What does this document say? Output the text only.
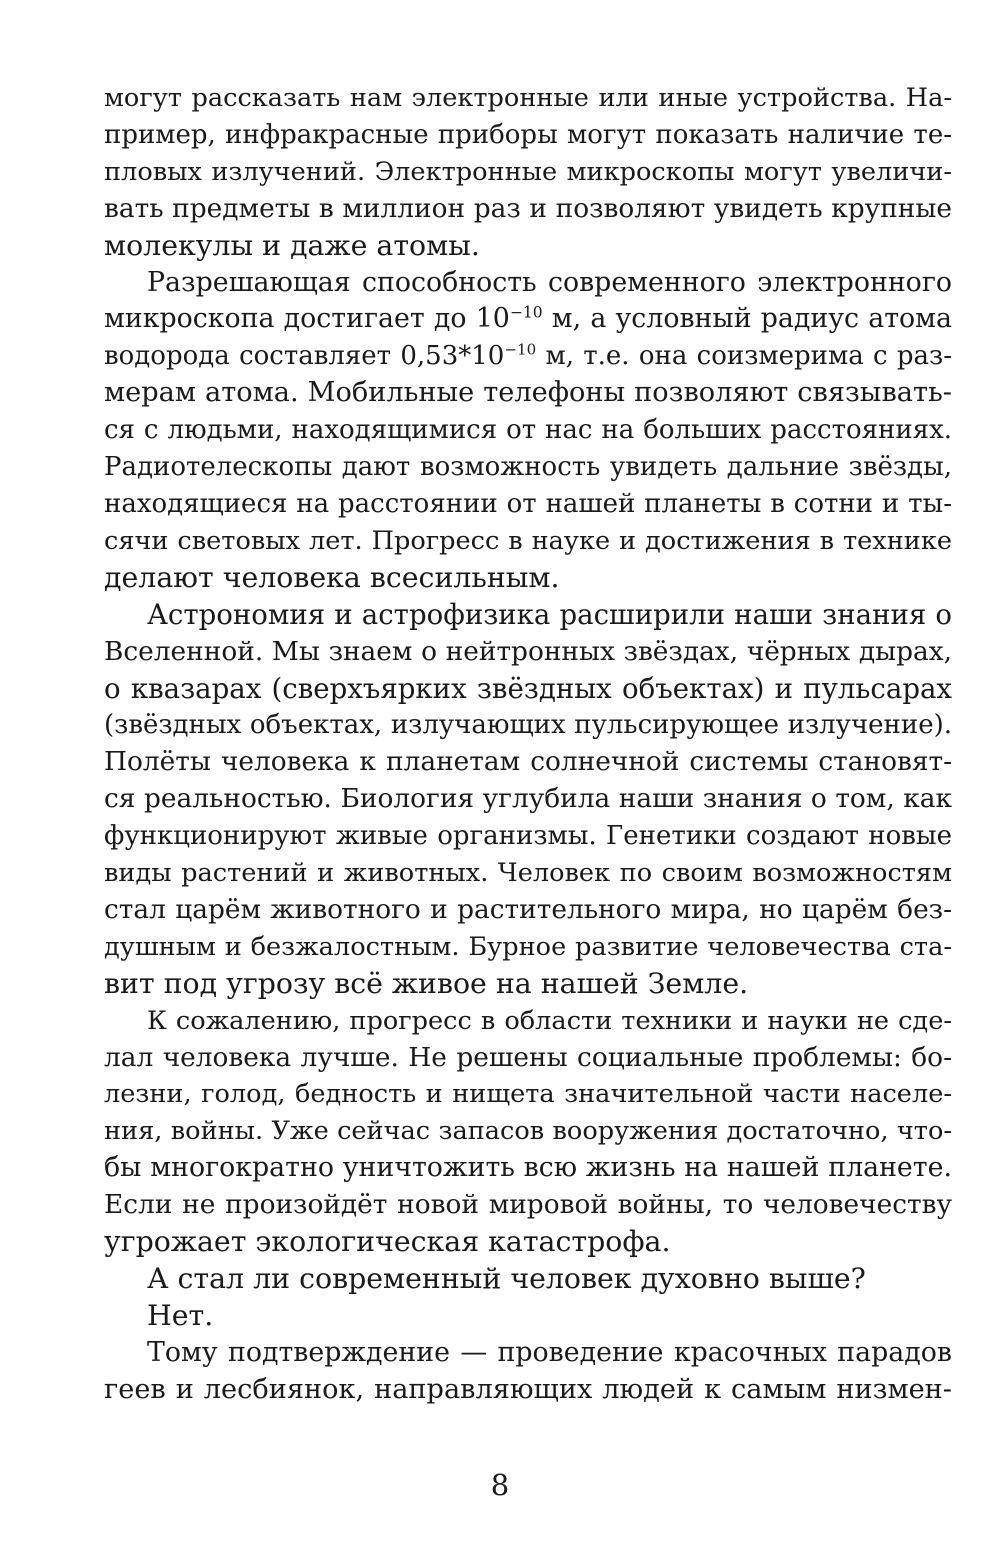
могут рассказать нам электронные или иные устройства. На-
пример, инфракрасные приборы могут показать наличие те-
пловых излучений. Электронные микроскопы могут увеличи-
вать предметы в миллион раз и позволяют увидеть крупные
молекулы и даже атомы.

Разрешающая способность современного электронного
микроскопа достигает до $10^{-10}$ м, а условный радиус атома
водорода составляет $0,53*10^{-10}$ м, т.е. она соизмерима с раз-
мерам атома. Мобильные телефоны позволяют связывать-
ся с людьми, находящимися от нас на больших расстояниях.
Радиотелескопы дают возможность увидеть дальние звёзды,
находящиеся на расстоянии от нашей планеты в сотни и ты-
сячи световых лет. Прогресс в науке и достижения в технике
делают человека всесильным.

Астрономия и астрофизика расширили наши знания о
Вселенной. Мы знаем о нейтронных звёздах, чёрных дырах,
о квазарах (сверхъярких звёздных объектах) и пульсарах
(звёздных объектах, излучающих пульсирующее излучение).
Полёты человека к планетам солнечной системы становят-
ся реальностью. Биология углубила наши знания о том, как
функционируют живые организмы. Генетики создают новые
виды растений и животных. Человек по своим возможностям
стал царём животного и растительного мира, но царём без-
душным и безжалостным. Бурное развитие человечества ста-
вит под угрозу всё живое на нашей Земле.

К сожалению, прогресс в области техники и науки не сде-
лал человека лучше. Не решены социальные проблемы: бо-
лезни, голод, бедность и нищета значительной части населе-
ния, войны. Уже сейчас запасов вооружения достаточно, что-
бы многократно уничтожить всю жизнь на нашей планете.
Если не произойдёт новой мировой войны, то человечеству
угрожает экологическая катастрофа.

А стал ли современный человек духовно выше?

Нет.

Тому подтверждение — проведение красочных парадов
геев и лесбиянок, направляющих людей к самым низмен-

8
